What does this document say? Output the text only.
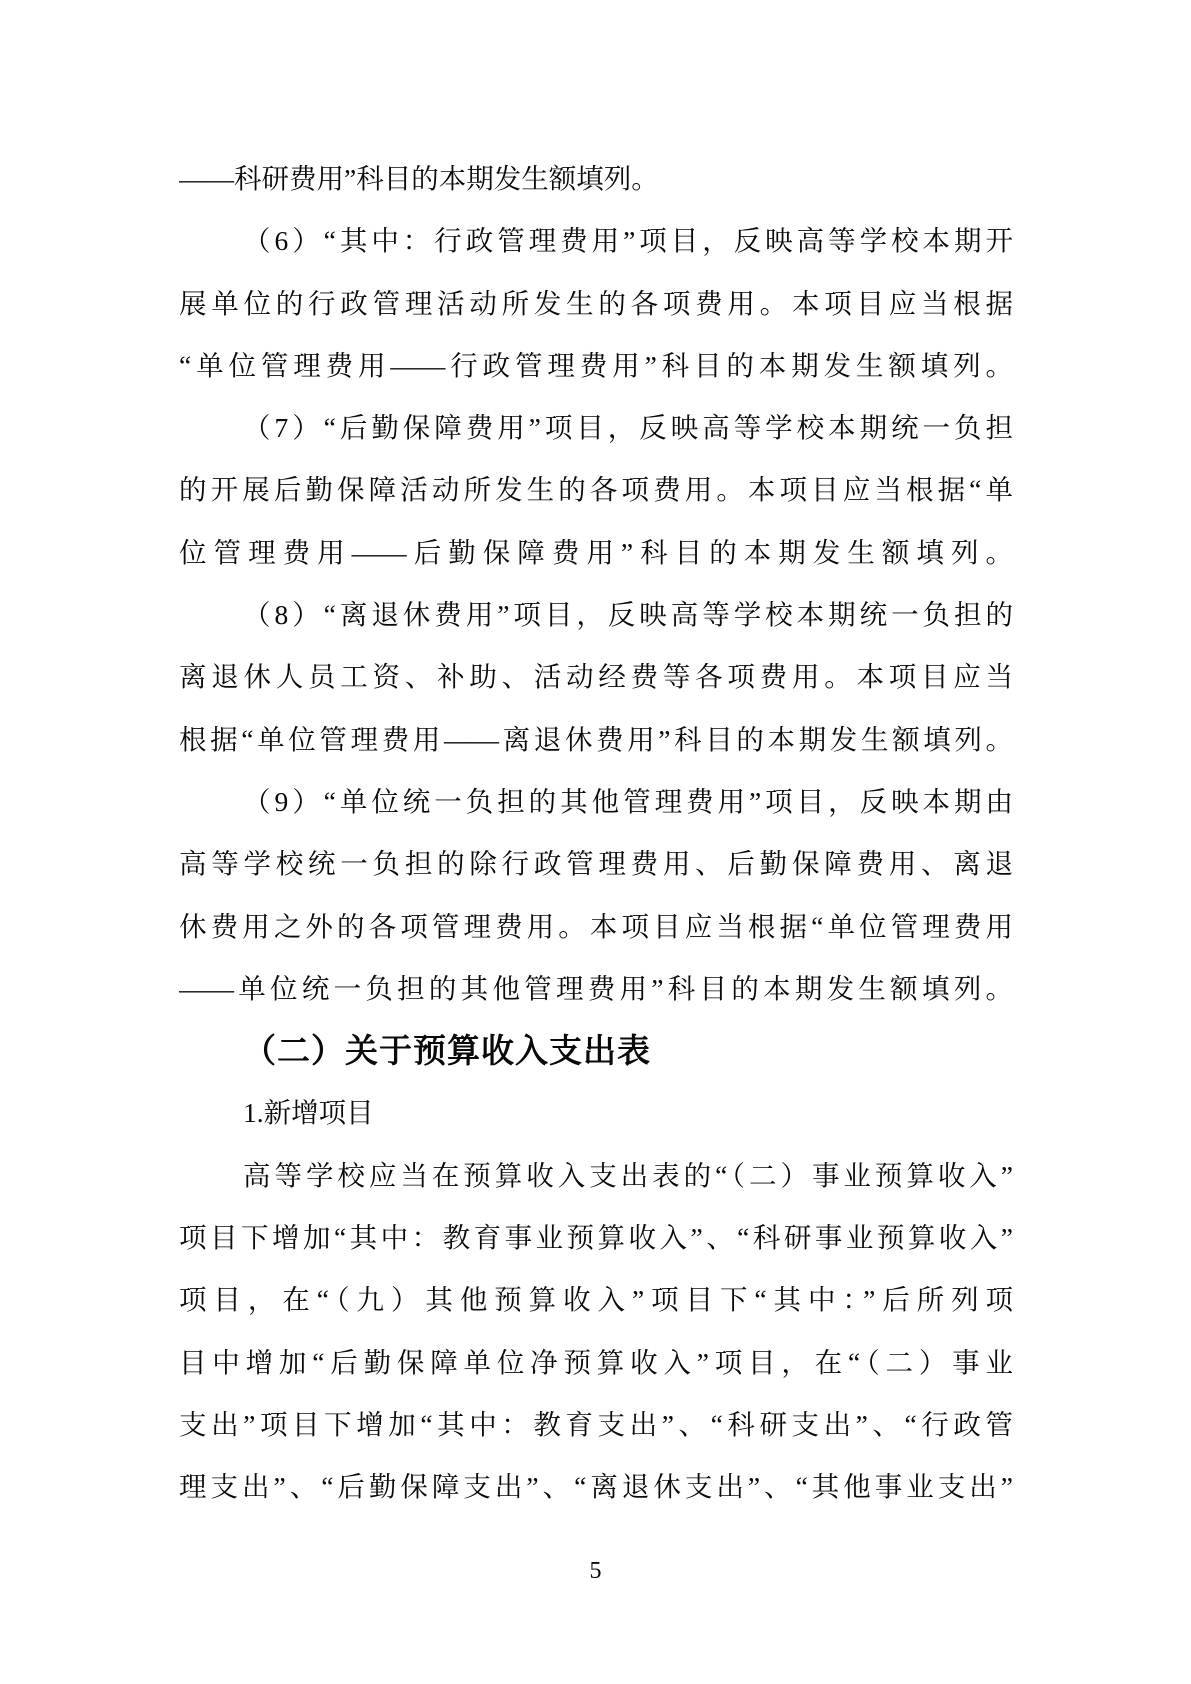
——科研费用”科目的本期发生额填列。
（6）“其中：行政管理费用”项目，反映高等学校本期开
展单位的行政管理活动所发生的各项费用。本项目应当根据
“单位管理费用——行政管理费用”科目的本期发生额填列。
（7）“后勤保障费用”项目，反映高等学校本期统一负担
的开展后勤保障活动所发生的各项费用。本项目应当根据“单
位管理费用——后勤保障费用”科目的本期发生额填列。
（8）“离退休费用”项目，反映高等学校本期统一负担的
离退休人员工资、补助、活动经费等各项费用。本项目应当
根据“单位管理费用——离退休费用”科目的本期发生额填列。
（9）“单位统一负担的其他管理费用”项目，反映本期由
高等学校统一负担的除行政管理费用、后勤保障费用、离退
休费用之外的各项管理费用。本项目应当根据“单位管理费用
——单位统一负担的其他管理费用”科目的本期发生额填列。
（二）关于预算收入支出表
1.新增项目
高等学校应当在预算收入支出表的“（二）事业预算收入”
项目下增加“其中：教育事业预算收入”、“科研事业预算收入”
项目，在“（九）其他预算收入”项目下“其中：”后所列项
目中增加“后勤保障单位净预算收入”项目，在“（二）事业
支出”项目下增加“其中：教育支出”、“科研支出”、“行政管
理支出”、“后勤保障支出”、“离退休支出”、“其他事业支出”
5
